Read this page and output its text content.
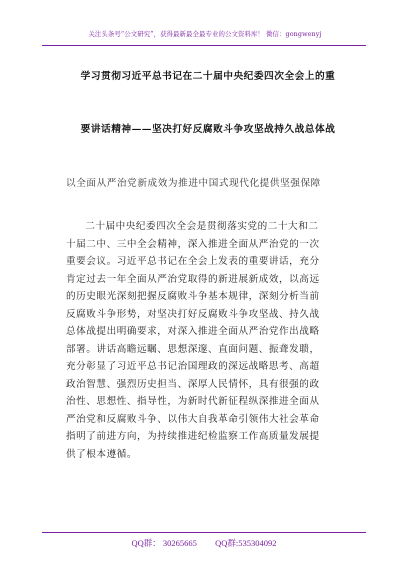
关注头条号“公文研究”，获得最新最全最专业的公文资料库！ 微信：gongwenyj
学习贯彻习近平总书记在二十届中央纪委四次全会上的重
要讲话精神——坚决打好反腐败斗争攻坚战持久战总体战
以全面从严治党新成效为推进中国式现代化提供坚强保障
二十届中央纪委四次全会是贯彻落实党的二十大和二
十届二中、三中全会精神，深入推进全面从严治党的一次
重要会议。习近平总书记在全会上发表的重要讲话，充分
肯定过去一年全面从严治党取得的新进展新成效，以高远
的历史眼光深刻把握反腐败斗争基本规律，深刻分析当前
反腐败斗争形势，对坚决打好反腐败斗争攻坚战、持久战
总体战提出明确要求，对深入推进全面从严治党作出战略
部署。讲话高瞻远瞩、思想深邃、直面问题、振聋发聩，
充分彰显了习近平总书记治国理政的深远战略思考、高超
政治智慧、强烈历史担当、深厚人民情怀，具有很强的政
治性、思想性、指导性，为新时代新征程纵深推进全面从
严治党和反腐败斗争、以伟大自我革命引领伟大社会革命
指明了前进方向，为持续推进纪检监察工作高质量发展提
供了根本遵循。
QQ群： 30265665 QQ群:535304092
